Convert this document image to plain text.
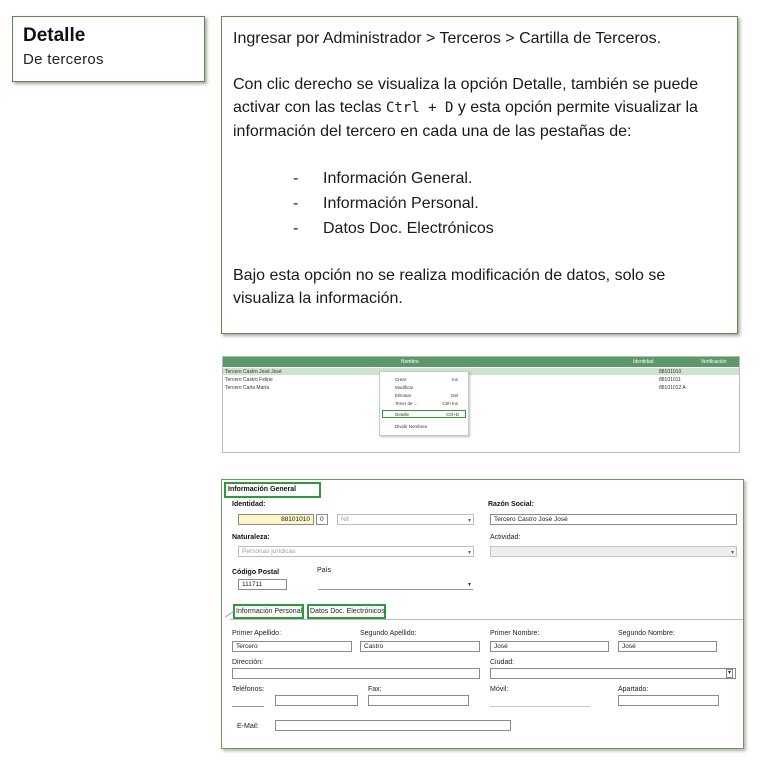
Detalle
De terceros

Ingresar por Administrador > Terceros > Cartilla de Terceros.

Con clic derecho se visualiza la opción Detalle, también se puede activar con las teclas Ctrl + D y esta opción permite visualizar la información del tercero en cada una de las pestañas de:

- Información General.
- Información Personal.
- Datos Doc. Electrónicos

Bajo esta opción no se realiza modificación de datos, solo se visualiza la información.

Nombre	Identidad	Verificación
Tercero Castro José José	88101010
Tercero Castro Felipe	88101011
Tercero Carla María	88101012 A
Crear	Ins
Modificar
Eliminar	Del
Tener de ...	Ctrl+Ins
Detalle	Ctrl+D
Dividir Nombres
Información General
Identidad:
88101010	0	Nit	▾
Razón Social:
Tercero Castro José José
Naturaleza:
Personas jurídicas	▾
Actividad:
▾
Código Postal
111711
País
▾
Información Personal Datos Doc. Electrónicos
Primer Apellido:
Tercero
Segundo Apellido:
Castro
Primer Nombre:
José
Segundo Nombre:
José
Dirección:	Ciudad:
▾
Teléfonos:	Fax:	Móvil:	Apartado:
E-Mail:
